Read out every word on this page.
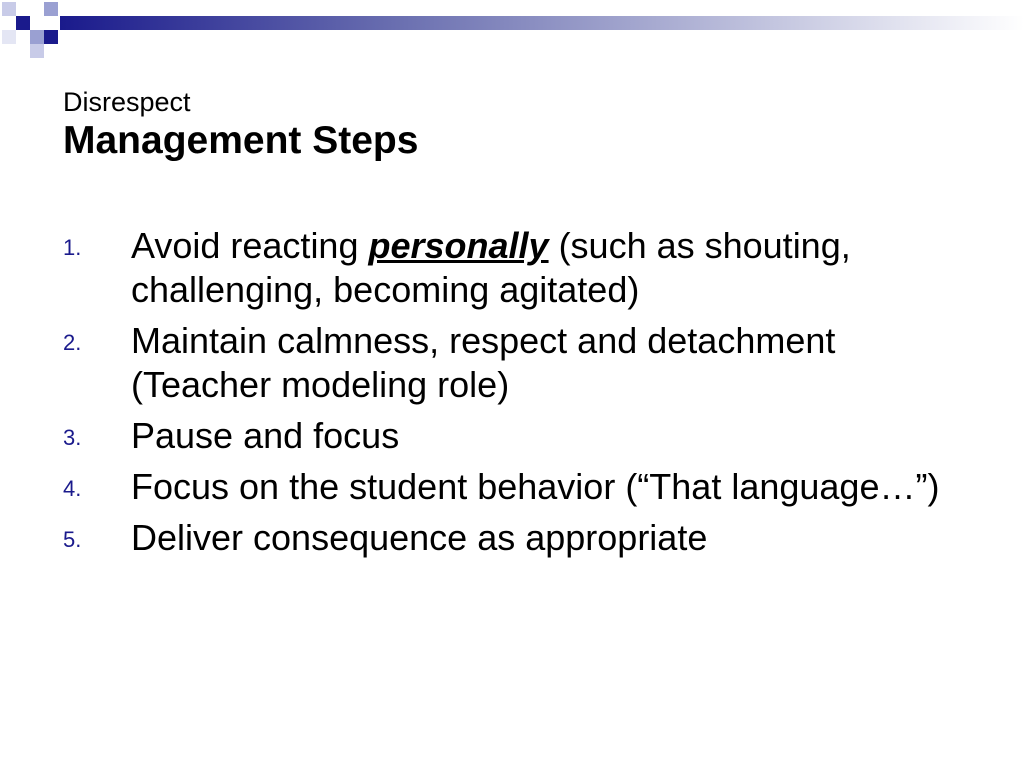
Disrespect
Management Steps
1. Avoid reacting personally (such as shouting, challenging, becoming agitated)
2. Maintain calmness, respect and detachment (Teacher modeling role)
3. Pause and focus
4. Focus on the student behavior (“That language…”)
5. Deliver consequence as appropriate
